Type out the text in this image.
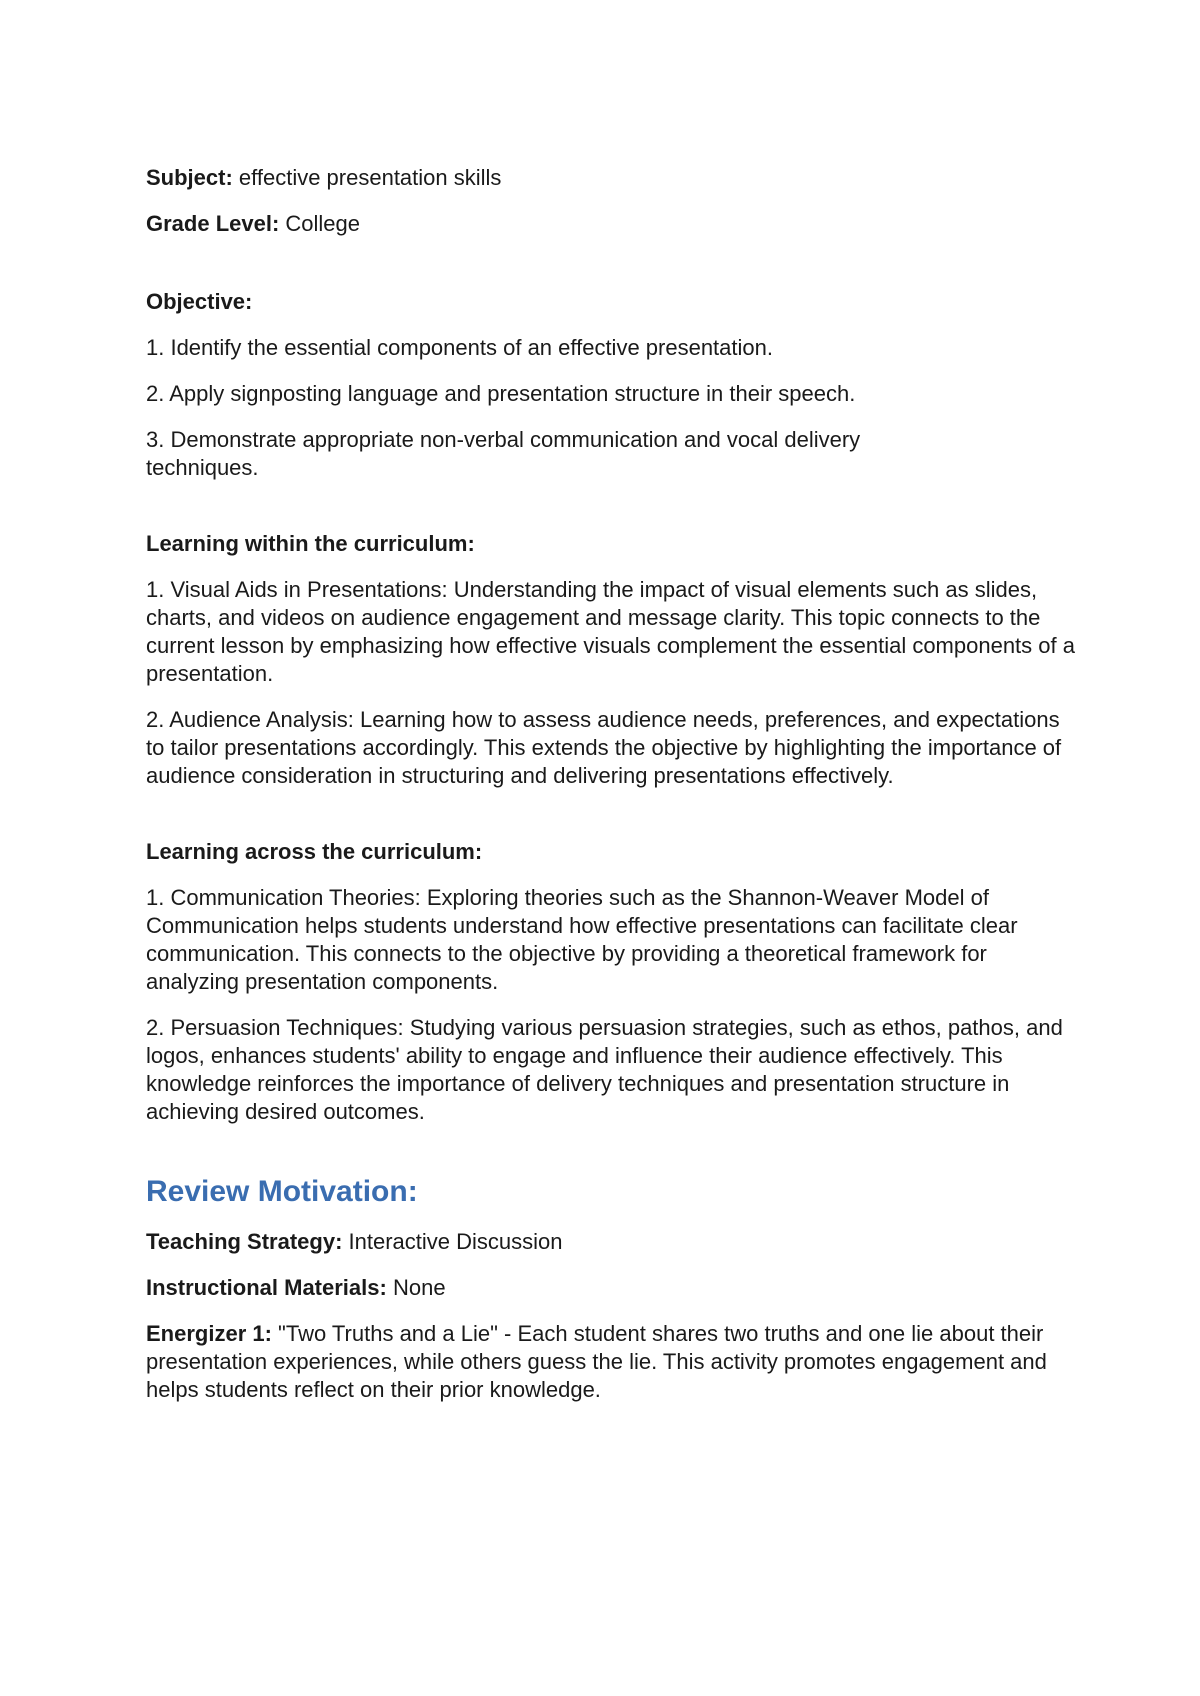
Subject: effective presentation skills

Grade Level: College

Objective:

1. Identify the essential components of an effective presentation.

2. Apply signposting language and presentation structure in their speech.

3. Demonstrate appropriate non-verbal communication and vocal delivery techniques.

Learning within the curriculum:

1. Visual Aids in Presentations: Understanding the impact of visual elements such as slides, charts, and videos on audience engagement and message clarity. This topic connects to the current lesson by emphasizing how effective visuals complement the essential components of a presentation.

2. Audience Analysis: Learning how to assess audience needs, preferences, and expectations to tailor presentations accordingly. This extends the objective by highlighting the importance of audience consideration in structuring and delivering presentations effectively.

Learning across the curriculum:

1. Communication Theories: Exploring theories such as the Shannon-Weaver Model of Communication helps students understand how effective presentations can facilitate clear communication. This connects to the objective by providing a theoretical framework for analyzing presentation components.

2. Persuasion Techniques: Studying various persuasion strategies, such as ethos, pathos, and logos, enhances students' ability to engage and influence their audience effectively. This knowledge reinforces the importance of delivery techniques and presentation structure in achieving desired outcomes.

Review Motivation:

Teaching Strategy: Interactive Discussion

Instructional Materials: None

Energizer 1: "Two Truths and a Lie" - Each student shares two truths and one lie about their presentation experiences, while others guess the lie. This activity promotes engagement and helps students reflect on their prior knowledge.
